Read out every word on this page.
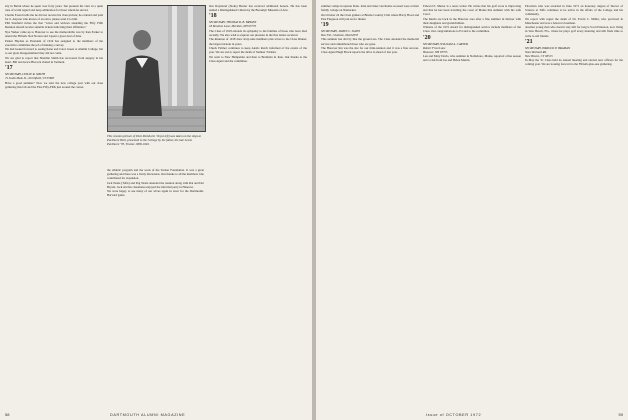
sity in Beirut where he spent over forty years. Ten presents his view in a quiet tone of warm regard and deep admiration for those whom he served.

Charlie Everett tells me he did not receive his class picture; he ordered and paid for it. Anyone who knows of an extra, please send it to him.

Phil Stanfield writes me that "wives and widows attending the Fifty Fifth Reunion should receive suitable tickets indicating their affiliation."

Nye Yurker came up to Hanover to see the memorabilia was by Ken Parker to attend the Fiftieth. Ned Norton and I spent a great deal of time.

Parker Hayden as President of 1916 has assigned to the members of the executive committee the job of making a survey.

We had looked forward to seeing Kane and Carol Green at Alumni College, but to our great disappointment they did not come.

We are glad to report that Shermie Smith has recovered from surgery in his heart. Bill and Grace Hiscock visited in Vermont.

'17

SECRETARY, LESLIE R. SMITH
72 South Main St., Northfield, VT 05663

Have a good summer? Now we start the new college year with our class gathering this fall and the Fine Fifty-Fifth just around the corner.

This reunion picture of Dick Parkhurst '16 (at left) was taken on the steps at Parkhurst Hall, presented to the College by his father, the late Lewis Parkhurst '78, Trustee 1908-1949.

the athletic program and the work of the Tucker Foundation. It was a great gathering and there was a lively discussion. Our thanks to all the members who contributed for expansion.

Jack Neale (Tufts) and Peg Neale attended the reunion along with Rat and Dot Bryant. Jack and his classmates enjoyed the informal party in Hanover.

We were happy to see many of our wives again in town for the Dartmouth-Harvard game.

Our Raymond (Stoks) Bexter has received additional honors. He has been named a Distinguished Citizen by the Brooklyn Museum of Arts.

'18

SECRETARY, THOMAS R. B. BRYANT
18 Moulton Lane, Meriden, NH 03770

The Class of 1918 extends its sympathy to the families of those who have died recently. We also wish to express our pleasure in the fine letters received.

The Reunion of 1918 drew sixty-nine members plus wives to the Class Dinner, the largest turnout in years.

Chuck Palmer continues to keep Alexis Rotch informed of the events of the year. We are sad to report the death of Sumner Trickler.

We went to New Hampshire and then to Bermuda in June. Our thanks to the Class Agent and the committee.

58	DARTMOUTH ALUMNI MAGAZINE

summer camps in upstate Penn. John and Janet van Raalte as usual were at their family cottage on Nantucket.

On October 24 the Class gathers at Bruins Country Club where Harry Hood and Pete Furgeson will join us for dinner.

'19

SECRETARY, JAMES C. DAVIS
Box 332, Chatham, MA 02633

This summer has slid by like the ground sea. The Class attended the memorial service and remembered those who are gone.

The Hanover Inn was the site for our mini-reunion and it was a fine success. Class Agent Hugh Brock reports the drive is ahead of last year.

Edward E. Marter is a news writer. He writes that his golf score is improving and that he has been traveling the coast of Maine this summer with his wife Carol.

The Rands are back in the Hanover area after a fine summer in Denver with their daughters and grandchildren.

Winners of the 1972 Award for distinguished service include members of the Class. Our congratulations to Ed and to the committee.

'20

SECRETARY, WILLIAM A. CARTER
Robert Frost Lane
Hanover, NH 03755

Len and Mary Davis, who summer in Nobleboro, Maine, reported a fine season and a visit from Joe and Helen Mastin.

Plowman who was awarded in June 1971 an honorary degree of Doctor of Science at Tufts continues to be active in the affairs of the College and his community.

We report with regret the death of Dr. Erwin C. Miller, who practiced in Manchester and was a beloved classmate.

Another young man who doesn't stay still for long is Scott Emerson, now living in Vero Beach, Fla., where he plays golf every morning and still finds time to write to old friends.

'21

SECRETARY, HAROLD P. BRAMAN
None Richard Rd.
New Haven, CT 06515

In May the '21 Class held its annual meeting and elected new officers for the coming year. We are looking forward to the Fiftieth-plus-one gathering.

Issue of OCTOBER 1972	59
